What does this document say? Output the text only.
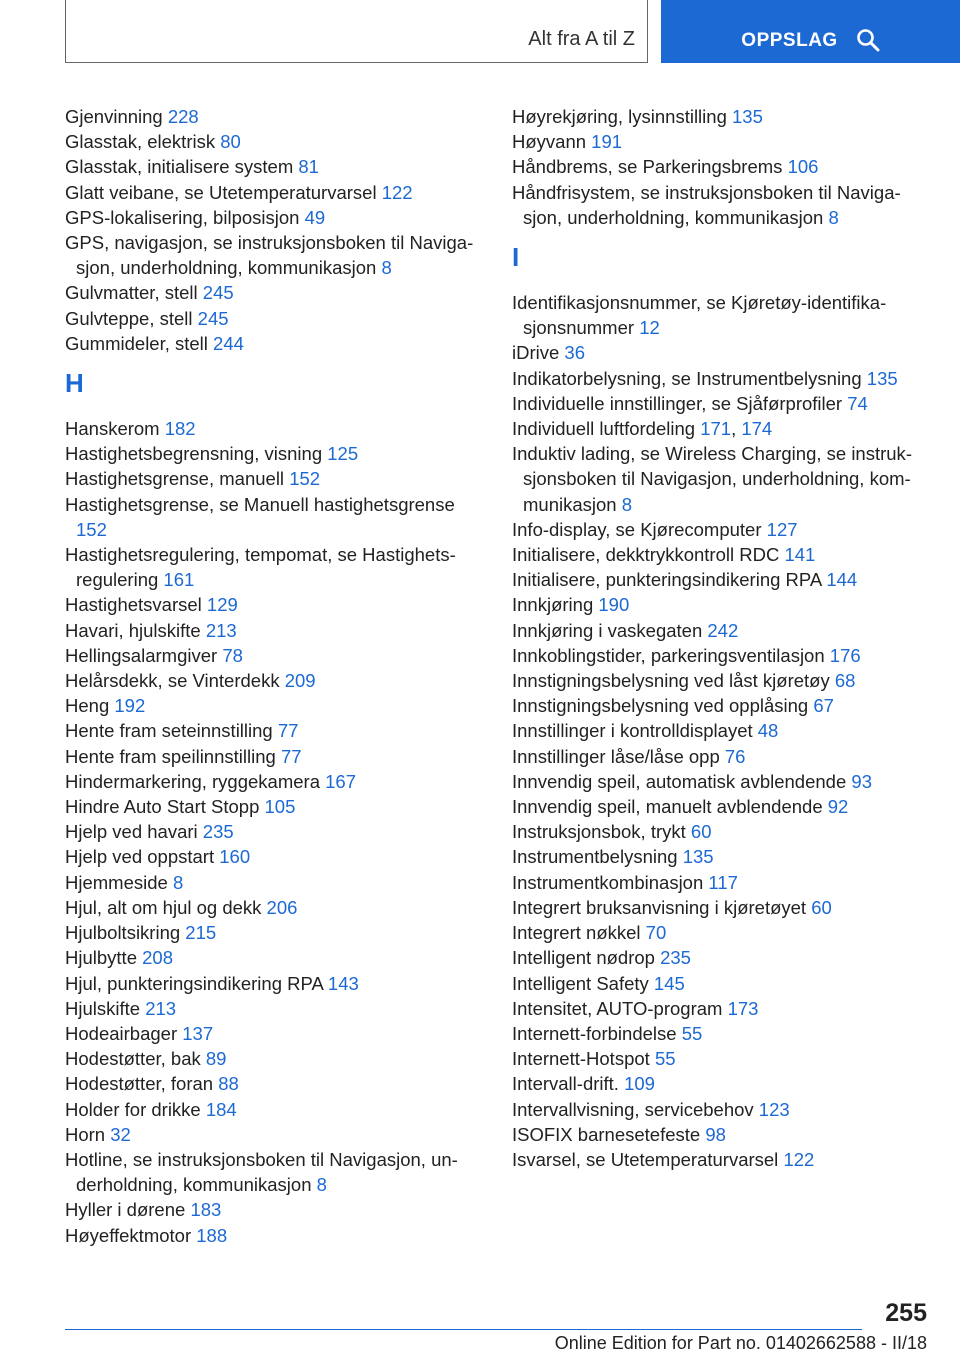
Alt fra A til Z	OPPSLAG
Gjenvinning 228
Glasstak, elektrisk 80
Glasstak, initialisere system 81
Glatt veibane, se Utetemperaturvarsel 122
GPS-lokalisering, bilposisjon 49
GPS, navigasjon, se instruksjonsboken til Navigasjon, underholdning, kommunikasjon 8
Gulvmatter, stell 245
Gulvteppe, stell 245
Gummideler, stell 244
H
Hanskerom 182
Hastighetsbegrensning, visning 125
Hastighetsgrense, manuell 152
Hastighetsgrense, se Manuell hastighetsgrense 152
Hastighetsregulering, tempomat, se Hastighetsregulering 161
Hastighetsvarsel 129
Havari, hjulskifte 213
Hellingsalarmgiver 78
Helårsdekk, se Vinterdekk 209
Heng 192
Hente fram seteinnstilling 77
Hente fram speilinnstilling 77
Hindermarkering, ryggekamera 167
Hindre Auto Start Stopp 105
Hjelp ved havari 235
Hjelp ved oppstart 160
Hjemmeside 8
Hjul, alt om hjul og dekk 206
Hjulboltsikring 215
Hjulbytte 208
Hjul, punkteringsindikering RPA 143
Hjulskifte 213
Hodeairbager 137
Hodestøtter, bak 89
Hodestøtter, foran 88
Holder for drikke 184
Horn 32
Hotline, se instruksjonsboken til Navigasjon, underholdning, kommunikasjon 8
Hyller i dørene 183
Høyeffektmotor 188
Høyrekjøring, lysinnstilling 135
Høyvann 191
Håndbrems, se Parkeringsbrems 106
Håndfrisystem, se instruksjonsboken til Navigasjon, underholdning, kommunikasjon 8
I
Identifikasjonsnummer, se Kjøretøy-identifikasjonsnummer 12
iDrive 36
Indikatorbelysning, se Instrumentbelysning 135
Individuelle innstillinger, se Sjåførprofiler 74
Individuell luftfordeling 171, 174
Induktiv lading, se Wireless Charging, se instruksjonsboken til Navigasjon, underholdning, kommunikasjon 8
Info-display, se Kjørecomputer 127
Initialisere, dekktrykkontroll RDC 141
Initialisere, punkteringsindikering RPA 144
Innkjøring 190
Innkjøring i vaskegaten 242
Innkoblingstider, parkeringsventilasjon 176
Innstigningsbelysning ved låst kjøretøy 68
Innstigningsbelysning ved opplåsing 67
Innstillinger i kontrolldisplayet 48
Innstillinger låse/låse opp 76
Innvendig speil, automatisk avblendende 93
Innvendig speil, manuelt avblendende 92
Instruksjonsbok, trykt 60
Instrumentbelysning 135
Instrumentkombinasjon 117
Integrert bruksanvisning i kjøretøyet 60
Integrert nøkkel 70
Intelligent nødrop 235
Intelligent Safety 145
Intensitet, AUTO-program 173
Internett-forbindelse 55
Internett-Hotspot 55
Intervall-drift. 109
Intervallvisning, servicebehov 123
ISOFIX barnesetefeste 98
Isvarsel, se Utetemperaturvarsel 122
255
Online Edition for Part no. 01402662588 - II/18
